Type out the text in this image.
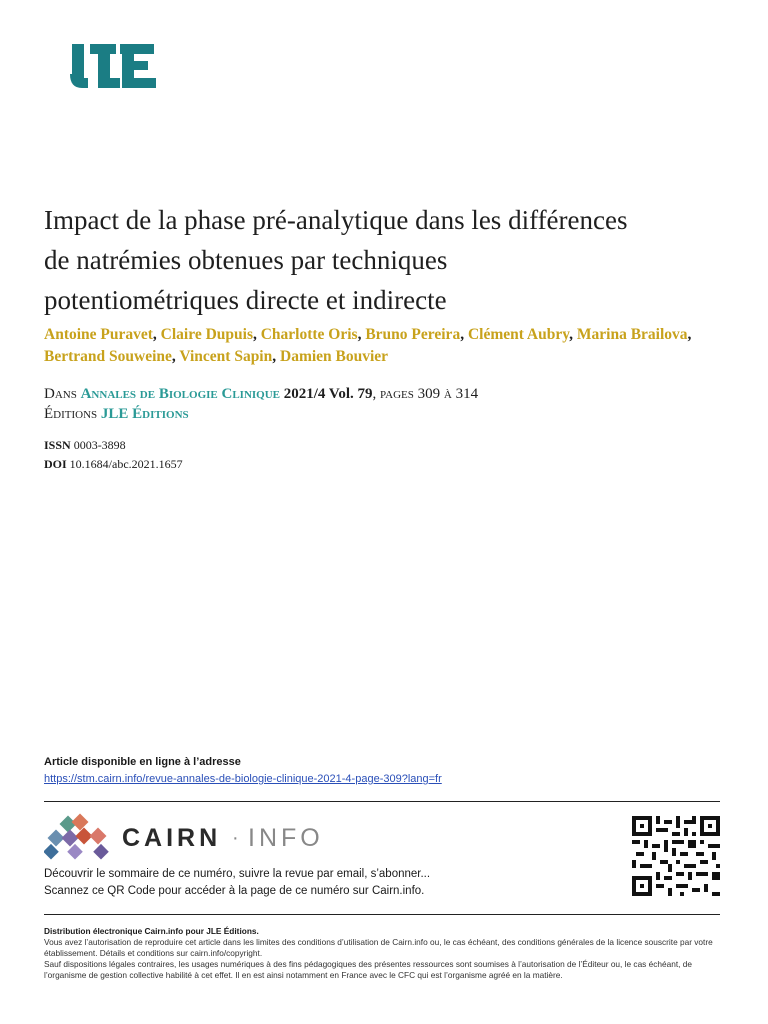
JLE
Impact de la phase pré-analytique dans les différences
de natrémies obtenues par techniques
potentiométriques directe et indirecte
Antoine Puravet, Claire Dupuis, Charlotte Oris, Bruno Pereira, Clément Aubry, Marina Brailova, Bertrand Souweine, Vincent Sapin, Damien Bouvier
Dans Annales de Biologie Clinique 2021/4 Vol. 79, pages 309 à 314
Éditions JLE Éditions
ISSN 0003-3898
DOI 10.1684/abc.2021.1657
Article disponible en ligne à l’adresse
https://stm.cairn.info/revue-annales-de-biologie-clinique-2021-4-page-309?lang=fr
CAIRN · INFO
Découvrir le sommaire de ce numéro, suivre la revue par email, s’abonner...
Scannez ce QR Code pour accéder à la page de ce numéro sur Cairn.info.
Distribution électronique Cairn.info pour JLE Éditions.
Vous avez l’autorisation de reproduire cet article dans les limites des conditions d’utilisation de Cairn.info ou, le cas échéant, des conditions générales de la licence souscrite par votre
établissement. Détails et conditions sur cairn.info/copyright.
Sauf dispositions légales contraires, les usages numériques à des fins pédagogiques des présentes ressources sont soumises à l’autorisation de l’Éditeur ou, le cas échéant, de
l’organisme de gestion collective habilité à cet effet. Il en est ainsi notamment en France avec le CFC qui est l’organisme agréé en la matière.
